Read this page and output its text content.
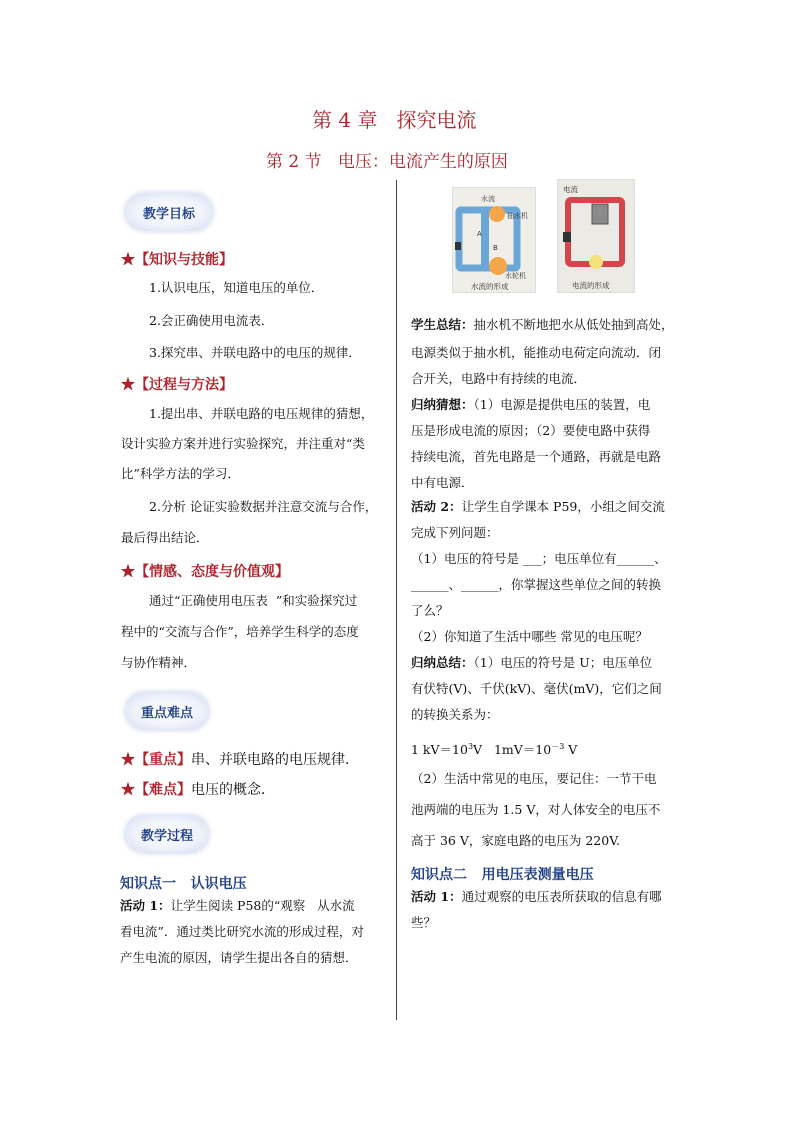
第 4 章   探究电流
第 2 节   电压：电流产生的原因
教学目标
★【知识与技能】
1.认识电压，知道电压的单位．
2.会正确使用电流表．
3.探究串、并联电路中的电压的规律．
★【过程与方法】
1.提出串、并联电路的电压规律的猜想，
设计实验方案并进行实验探究，并注重对“类
比”科学方法的学习．
2.分析 论证实验数据并注意交流与合作，
最后得出结论．
★【情感、态度与价值观】
通过“正确使用电压表  ”和实验探究过
程中的“交流与合作”，培养学生科学的态度
与协作精神．
重点难点
★【重点】串、并联电路的电压规律．
★【难点】电压的概念．
教学过程
知识点一   认识电压
活动 1：让学生阅读 P58的“观察   从水流
看电流”．通过类比研究水流的形成过程，对
产生电流的原因，请学生提出各自的猜想．
水流
抽水机
A
B
水轮机
水流的形成
电流
电流的形成
学生总结：抽水机不断地把水从低处抽到高处，
电源类似于抽水机，能推动电荷定向流动．闭
合开关，电路中有持续的电流．
归纳猜想：（1）电源是提供电压的装置，电
压是形成电流的原因；（2）要使电路中获得
持续电流，首先电路是一个通路，再就是电路
中有电源．
活动 2：让学生自学课本 P59，小组之间交流
完成下列问题：
（1）电压的符号是 ___；电压单位有______、
______、______，你掌握这些单位之间的转换
了么？
（2）你知道了生活中哪些 常见的电压呢？
归纳总结：（1）电压的符号是 U；电压单位
有伏特(V)、千伏(kV)、毫伏(mV)，它们之间
的转换关系为：
1 $kV=10^3V$   $1mV=10^{-3}$ V
（2）生活中常见的电压，要记住：一节干电
池两端的电压为 1.5 V，对人体安全的电压不
高于 36 V，家庭电路的电压为 220V.
知识点二   用电压表测量电压
活动 1：通过观察的电压表所获取的信息有哪
些？
